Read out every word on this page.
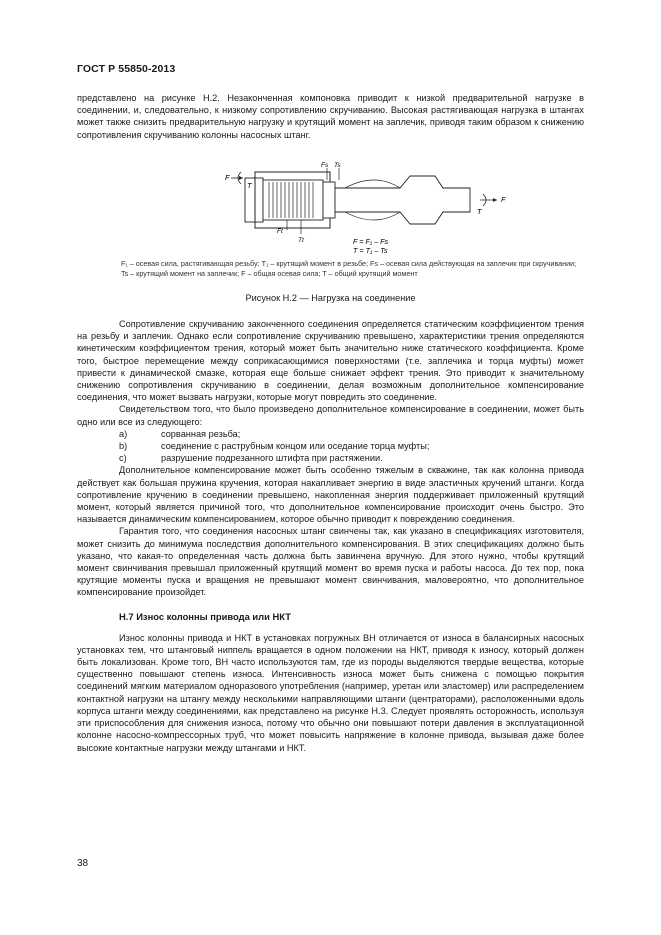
ГОСТ Р 55850-2013

представлено на рисунке Н.2. Незаконченная компоновка приводит к низкой предварительной нагрузке в соединении, и, следовательно, к низкому сопротивлению скручиванию. Высокая растягивающая нагрузка в штангах может также снизить предварительную нагрузку и крутящий момент на заплечик, приводя таким образом к снижению сопротивления скручиванию колонны насосных штанг.

F
T
Fs Ts
Ft
Tt
F
T
F = F₁ – Fs
T = T₁ – Ts
F₁ – осевая сила, растягивающая резьбу; T₁ – крутящий момент в резьбе; Fs – осевая сила действующая на заплечик при скручивании; Ts – крутящий момент на заплечик; F – общая осевая сила; T – общий крутящий момент
Рисунок Н.2 — Нагрузка на соединение

Сопротивление скручиванию законченного соединения определяется статическим коэффициентом трения на резьбу и заплечик. Однако если сопротивление скручиванию превышено, характеристики трения определяются кинетическим коэффициентом трения, который может быть значительно ниже статического коэффициента. Кроме того, быстрое перемещение между соприкасающимися поверхностями (т.е. заплечика и торца муфты) может привести к динамической смазке, которая еще больше снижает эффект трения. Это приводит к значительному снижению сопротивления скручиванию в соединении, делая возможным дополнительное компенсирование соединения, что может вызвать нагрузки, которые могут повредить это соединение.

Свидетельством того, что было произведено дополнительное компенсирование в соединении, может быть одно или все из следующего:

a)	сорванная резьба;
b)	соединение с раструбным концом или оседание торца муфты;
c)	разрушение подрезанного штифта при растяжении.

Дополнительное компенсирование может быть особенно тяжелым в скважине, так как колонна привода действует как большая пружина кручения, которая накапливает энергию в виде эластичных кручений штанги. Когда сопротивление кручению в соединении превышено, накопленная энергия поддерживает приложенный крутящий момент, который является причиной того, что дополнительное компенсирование происходит очень быстро. Это называется динамическим компенсированием, которое обычно приводит к повреждению соединения.

Гарантия того, что соединения насосных штанг свинчены так, как указано в спецификациях изготовителя, может снизить до минимума последствия дополнительного компенсирования. В этих спецификациях должно быть указано, что какая-то определенная часть должна быть завинчена вручную. Для этого нужно, чтобы крутящий момент свинчивания превышал приложенный крутящий момент во время пуска и работы насоса. До тех пор, пока крутящие моменты пуска и вращения не превышают момент свинчивания, маловероятно, что дополнительное компенсирование произойдет.

Н.7 Износ колонны привода или НКТ

Износ колонны привода и НКТ в установках погружных ВН отличается от износа в балансирных насосных установках тем, что штанговый ниппель вращается в одном положении на НКТ, приводя к износу, который должен быть локализован. Кроме того, ВН часто используются там, где из породы выделяются твердые вещества, которые существенно повышают степень износа. Интенсивность износа может быть снижена с помощью покрытия соединений мягким материалом одноразового употребления (например, уретан или эластомер) или распределением контактной нагрузки на штангу между несколькими направляющими штанги (центраторами), расположенными вдоль корпуса штанги между соединениями, как представлено на рисунке Н.3. Следует проявлять осторожность, используя эти приспособления для снижения износа, потому что обычно они повышают потери давления в эксплуатационной колонне насосно-компрессорных труб, что может повысить напряжение в колонне привода, вызывая даже более высокие контактные нагрузки между штангами и НКТ.

38
